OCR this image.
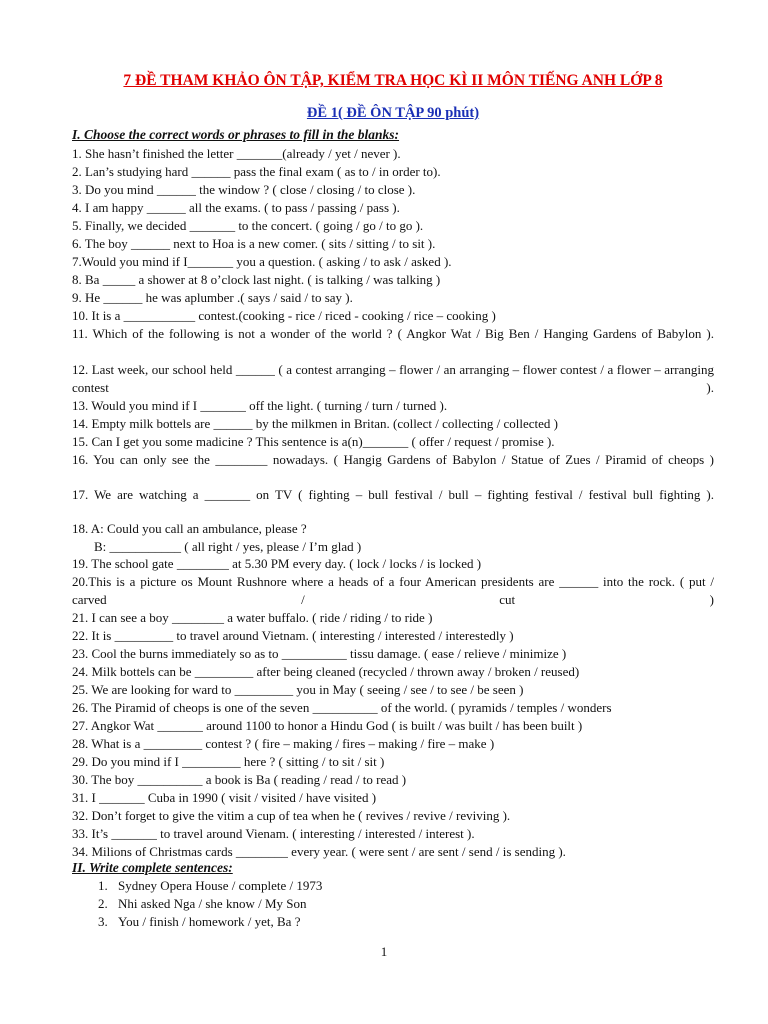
7 ĐỀ THAM KHẢO ÔN TẬP, KIỂM TRA HỌC KÌ II MÔN TIẾNG ANH LỚP 8
ĐỀ 1( ĐỀ ÔN TẬP 90 phút)
I. Choose the correct words or phrases to fill in the blanks:
1. She hasn’t finished the letter _______(already / yet / never ).
2. Lan’s studying hard ______ pass the final exam ( as to / in order to).
3. Do you mind ______ the window ? ( close / closing / to close ).
4. I am happy ______ all the exams. ( to pass / passing / pass ).
5. Finally, we decided _______ to the concert. ( going / go / to go ).
6. The boy ______ next to Hoa is a new comer. ( sits / sitting / to sit ).
7.Would you mind if I_______ you a question. ( asking / to ask / asked ).
8. Ba _____ a shower at 8 o’clock last night. ( is talking / was talking )
9. He ______ he was aplumber .( says / said / to say ).
10. It is a ___________ contest.(cooking - rice / riced - cooking / rice – cooking )
11. Which of the following is not a wonder of the world ? ( Angkor Wat / Big Ben / Hanging Gardens of Babylon ).
12. Last week, our school held ______ ( a contest arranging – flower / an arranging – flower contest / a flower – arranging contest ).
13. Would you mind if I _______ off the light. ( turning / turn / turned ).
14. Empty milk bottels are ______ by the milkmen in Britan. (collect / collecting / collected )
15. Can I get you some madicine ? This sentence is a(n)_______ ( offer / request / promise ).
16. You can only see the ________ nowadays. ( Hangig Gardens of Babylon / Statue of Zues / Piramid of cheops )
17. We are watching a _______ on TV ( fighting – bull festival / bull – fighting festival / festival bull fighting ).
18. A: Could you call an ambulance, please ?
B: ___________ ( all right / yes, please / I’m glad )
19. The school gate ________ at 5.30 PM every day. ( lock / locks / is locked )
20.This is a picture os Mount Rushnore where a heads of a four American presidents are ______ into the rock. ( put / carved / cut )
21. I can see a boy ________ a water buffalo. ( ride / riding / to ride )
22. It is _________ to travel around Vietnam. ( interesting / interested / interestedly )
23. Cool the burns immediately so as to __________ tissu damage. ( ease / relieve / minimize )
24. Milk bottels can be _________ after being cleaned (recycled / thrown away / broken / reused)
25. We are looking for ward to _________ you in May ( seeing / see / to see / be seen )
26. The Piramid of cheops is one of the seven __________ of the world. ( pyramids / temples / wonders
27. Angkor Wat _______ around 1100 to honor a Hindu God ( is built / was built / has been built )
28. What is a _________ contest ? ( fire – making / fires – making / fire – make )
29. Do you mind if I _________ here ? ( sitting / to sit / sit )
30. The boy __________ a book is Ba ( reading / read / to read )
31. I _______ Cuba in 1990 ( visit / visited / have visited )
32. Don’t forget to give the vitim a cup of tea when he ( revives / revive / reviving ).
33. It’s _______ to travel around Vienam. ( interesting / interested / interest ).
34. Milions of Christmas cards ________ every year. ( were sent / are sent / send / is sending ).
II. Write complete sentences:
1. Sydney Opera House / complete / 1973
2. Nhi asked Nga / she know / My Son
3. You / finish / homework / yet, Ba ?
1
